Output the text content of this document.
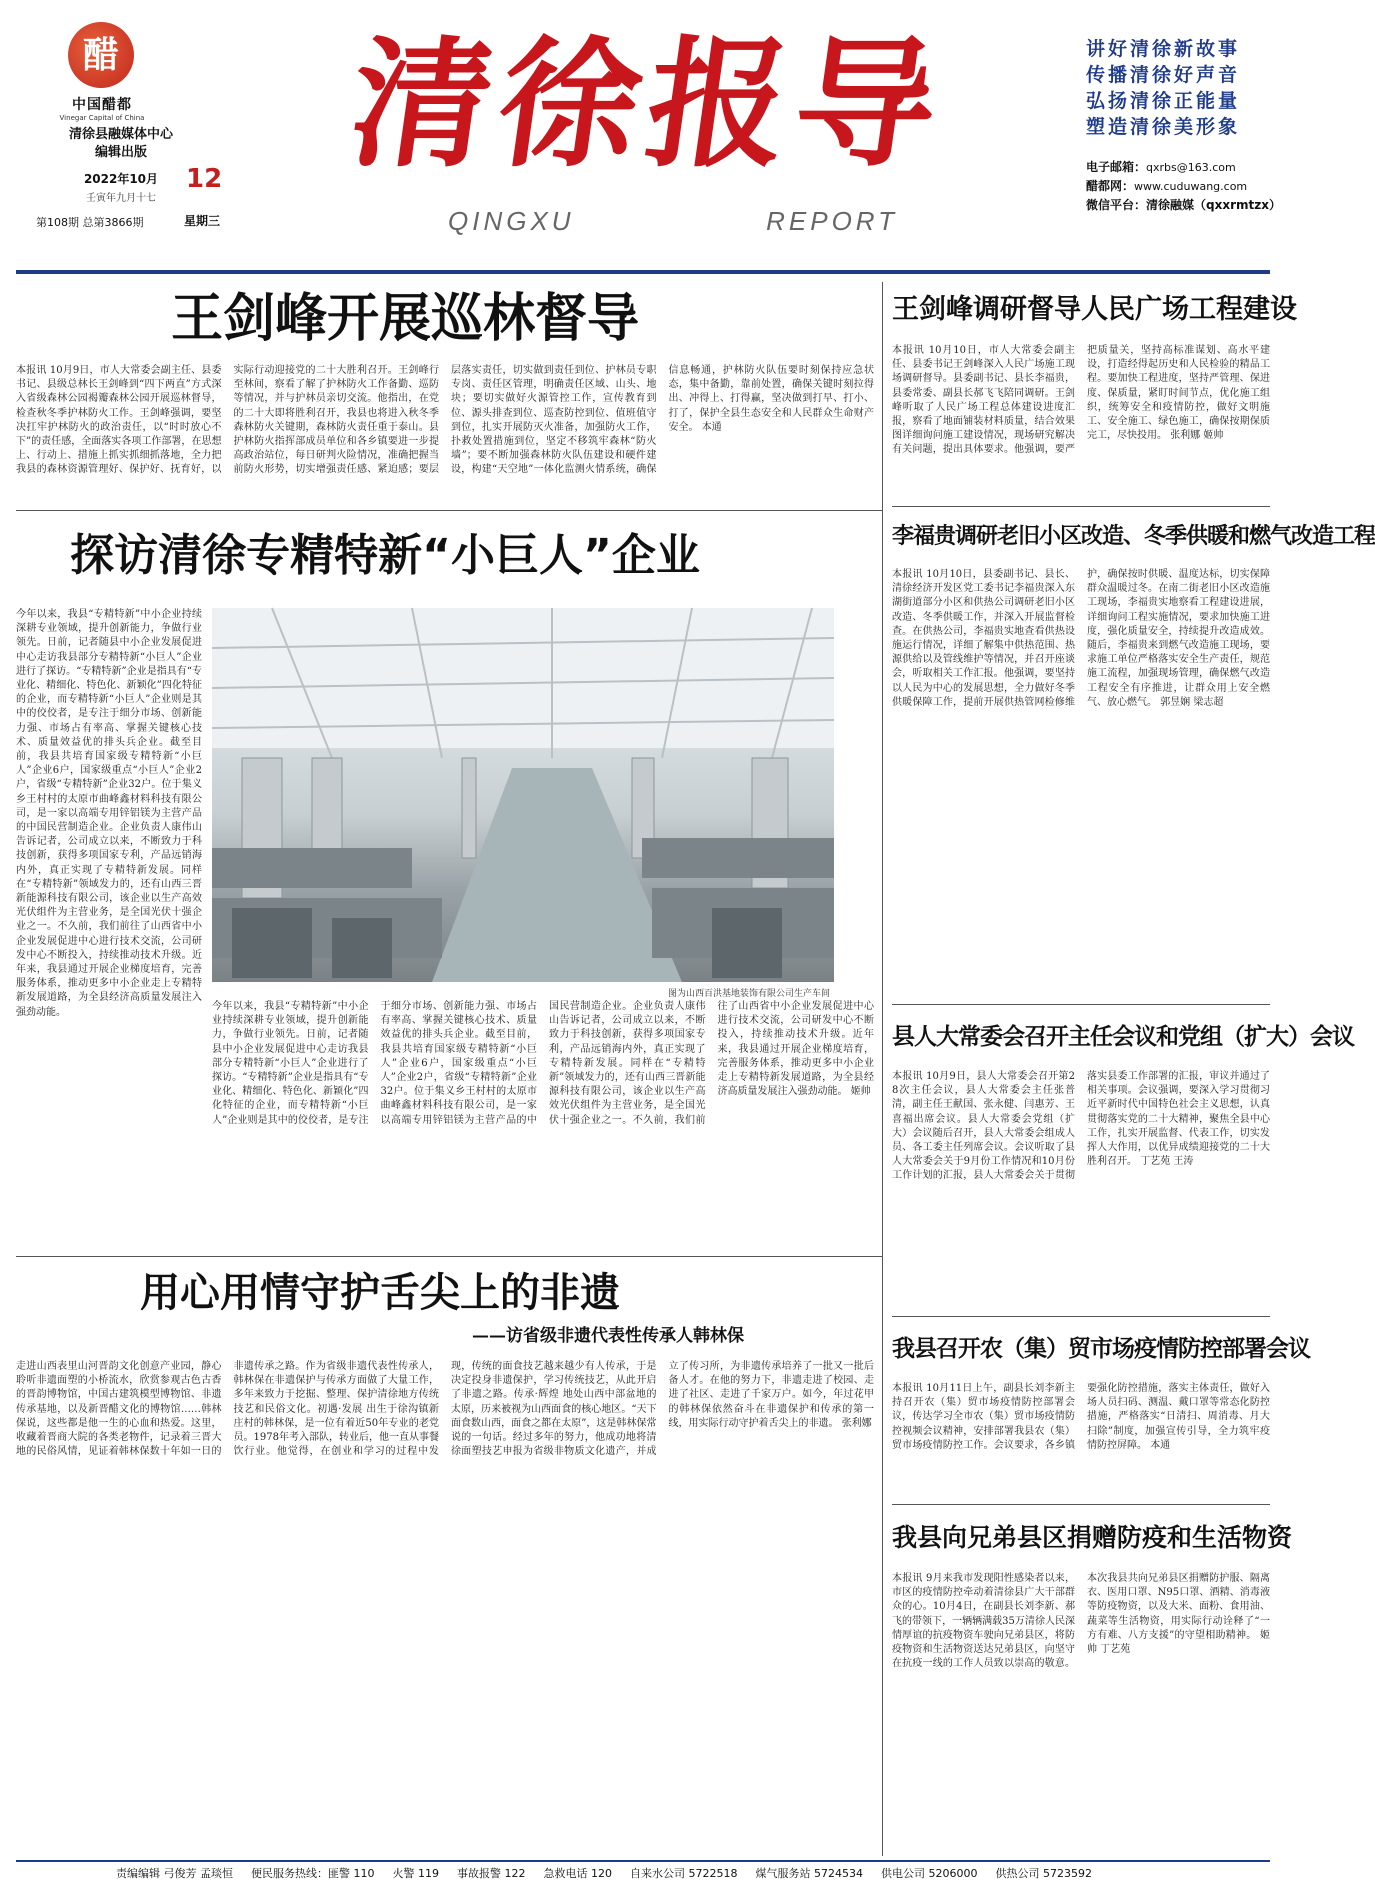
醋
中国醋都
Vinegar Capital of China
清徐县融媒体中心
编辑出版
2022年10月
壬寅年九月十七
第108期 总第3866期
12
星期三
清徐报导
QINGXU	REPORT
讲好清徐新故事
传播清徐好声音
弘扬清徐正能量
塑造清徐美形象
电子邮箱：qxrbs@163.com
醋都网：www.cuduwang.com
微信平台：清徐融媒（qxxrmtzx）
王剑峰开展巡林督导
本报讯 10月9日，市人大常委会副主任、县委书记、县级总林长王剑峰到“四下两直”方式深入省级森林公园褐瓣森林公园开展巡林督导，检查秋冬季护林防火工作。王剑峰强调，要坚决扛牢护林防火的政治责任，以“时时放心不下”的责任感，全面落实各项工作部署，在思想上、行动上、措施上抓实抓细抓落地，全力把我县的森林资源管理好、保护好、抚育好，以实际行动迎接党的二十大胜利召开。王剑峰行至林间，察看了解了护林防火工作备勤、巡防等情况，并与护林员亲切交流。他指出，在党的二十大即将胜利召开，我县也将进入秋冬季森林防火关键期，森林防火责任重于泰山。县护林防火指挥部成员单位和各乡镇要进一步提高政治站位，每日研判火险情况，准确把握当前防火形势，切实增强责任感、紧迫感；要层层落实责任，切实做到责任到位、护林员专职专岗、责任区管理，明确责任区域、山头、地块；要切实做好火源管控工作，宣传教育到位、源头排查到位、巡查防控到位、值班值守到位，扎实开展防灭火准备，加强防火工作，扑救处置措施到位，坚定不移筑牢森林“防火墙”；要不断加强森林防火队伍建设和硬件建设，构建“天空地”一体化监测火情系统，确保信息畅通，护林防火队伍要时刻保持应急状态，集中备勤，靠前处置，确保关键时刻拉得出、冲得上、打得赢，坚决做到打早、打小、打了，保护全县生态安全和人民群众生命财产安全。 本通
王剑峰调研督导人民广场工程建设
本报讯 10月10日，市人大常委会副主任、县委书记王剑峰深入人民广场施工现场调研督导。县委副书记、县长李福贵，县委常委、副县长郝飞飞陪同调研。王剑峰听取了人民广场工程总体建设进度汇报，察看了地面铺装材料质量，结合效果图详细询问施工建设情况，现场研究解决有关问题，提出具体要求。他强调，要严把质量关，坚持高标准谋划、高水平建设，打造经得起历史和人民检验的精品工程。要加快工程进度，坚持严管理、保进度、保质量，紧盯时间节点，优化施工组织，统筹安全和疫情防控，做好文明施工、安全施工、绿色施工，确保按期保质完工，尽快投用。 张利娜 姬帅
李福贵调研老旧小区改造、冬季供暖和燃气改造工程
本报讯 10月10日，县委副书记、县长、清徐经济开发区党工委书记李福贵深入东湖街道部分小区和供热公司调研老旧小区改造、冬季供暖工作，并深入开展监督检查。在供热公司，李福贵实地查看供热设施运行情况，详细了解集中供热范围、热源供给以及管线维护等情况，并召开座谈会，听取相关工作汇报。他强调，要坚持以人民为中心的发展思想，全力做好冬季供暖保障工作，提前开展供热管网检修维护，确保按时供暖、温度达标，切实保障群众温暖过冬。在南二街老旧小区改造施工现场，李福贵实地察看工程建设进展，详细询问工程实施情况，要求加快施工进度，强化质量安全，持续提升改造成效。随后，李福贵来到燃气改造施工现场，要求施工单位严格落实安全生产责任，规范施工流程，加强现场管理，确保燃气改造工程安全有序推进，让群众用上安全燃气、放心燃气。 郭昱娴 梁志超
探访清徐专精特新“小巨人”企业
今年以来，我县“专精特新”中小企业持续深耕专业领域，提升创新能力，争做行业领先。日前，记者随县中小企业发展促进中心走访我县部分专精特新“小巨人”企业进行了探访。“专精特新”企业是指具有“专业化、精细化、特色化、新颖化”四化特征的企业，而专精特新“小巨人”企业则是其中的佼佼者，是专注于细分市场、创新能力强、市场占有率高、掌握关键核心技术、质量效益优的排头兵企业。截至目前，我县共培育国家级专精特新“小巨人”企业6户，国家级重点“小巨人”企业2户，省级“专精特新”企业32户。位于集义乡王村村的太原市曲峰鑫材料科技有限公司，是一家以高端专用锌铝镁为主营产品的中国民营制造企业。企业负责人康伟山告诉记者，公司成立以来，不断致力于科技创新，获得多项国家专利，产品远销海内外，真正实现了专精特新发展。同样在“专精特新”领域发力的，还有山西三晋新能源科技有限公司，该企业以生产高效光伏组件为主营业务，是全国光伏十强企业之一。不久前，我们前往了山西省中小企业发展促进中心进行技术交流，公司研发中心不断投入，持续推动技术升级。近年来，我县通过开展企业梯度培育，完善服务体系，推动更多中小企业走上专精特新发展道路，为全县经济高质量发展注入强劲动能。
图为山西百洪基地装饰有限公司生产车间
今年以来，我县“专精特新”中小企业持续深耕专业领域，提升创新能力，争做行业领先。日前，记者随县中小企业发展促进中心走访我县部分专精特新“小巨人”企业进行了探访。“专精特新”企业是指具有“专业化、精细化、特色化、新颖化”四化特征的企业，而专精特新“小巨人”企业则是其中的佼佼者，是专注于细分市场、创新能力强、市场占有率高、掌握关键核心技术、质量效益优的排头兵企业。截至目前，我县共培育国家级专精特新“小巨人”企业6户，国家级重点“小巨人”企业2户，省级“专精特新”企业32户。位于集义乡王村村的太原市曲峰鑫材料科技有限公司，是一家以高端专用锌铝镁为主营产品的中国民营制造企业。企业负责人康伟山告诉记者，公司成立以来，不断致力于科技创新，获得多项国家专利，产品远销海内外，真正实现了专精特新发展。同样在“专精特新”领域发力的，还有山西三晋新能源科技有限公司，该企业以生产高效光伏组件为主营业务，是全国光伏十强企业之一。不久前，我们前往了山西省中小企业发展促进中心进行技术交流，公司研发中心不断投入，持续推动技术升级。近年来，我县通过开展企业梯度培育，完善服务体系，推动更多中小企业走上专精特新发展道路，为全县经济高质量发展注入强劲动能。 姬帅
县人大常委会召开主任会议和党组（扩大）会议
本报讯 10月9日，县人大常委会召开第28次主任会议，县人大常委会主任张普清，副主任王献国、张永健、闫惠芳、王喜福出席会议。县人大常委会党组（扩大）会议随后召开，县人大常委会组成人员、各工委主任列席会议。会议听取了县人大常委会关于9月份工作情况和10月份工作计划的汇报，县人大常委会关于贯彻落实县委工作部署的汇报，审议并通过了相关事项。会议强调，要深入学习贯彻习近平新时代中国特色社会主义思想，认真贯彻落实党的二十大精神，聚焦全县中心工作，扎实开展监督、代表工作，切实发挥人大作用，以优异成绩迎接党的二十大胜利召开。 丁艺苑 王涛
用心用情守护舌尖上的非遗
——访省级非遗代表性传承人韩林保
走进山西表里山河晋韵文化创意产业园，静心聆听非遗面塑的小桥流水，欣赏参观古色古香的晋韵博物馆，中国古建筑模型博物馆、非遗传承基地，以及新晋醋文化的博物馆……韩林保说，这些都是他一生的心血和热爱。这里，收藏着晋商大院的各类老物件，记录着三晋大地的民俗风情，见证着韩林保数十年如一日的非遗传承之路。作为省级非遗代表性传承人，韩林保在非遗保护与传承方面做了大量工作，多年来致力于挖掘、整理、保护清徐地方传统技艺和民俗文化。初遇·发展 出生于徐沟镇新庄村的韩林保，是一位有着近50年专业的老党员。1978年考入部队，转业后，他一直从事餐饮行业。他觉得，在创业和学习的过程中发现，传统的面食技艺越来越少有人传承，于是决定投身非遗保护，学习传统技艺，从此开启了非遗之路。传承·辉煌 地处山西中部盆地的太原，历来被视为山西面食的核心地区。“天下面食数山西，面食之都在太原”，这是韩林保常说的一句话。经过多年的努力，他成功地将清徐面塑技艺申报为省级非物质文化遗产，并成立了传习所，为非遗传承培养了一批又一批后备人才。在他的努力下，非遗走进了校园、走进了社区、走进了千家万户。如今，年过花甲的韩林保依然奋斗在非遗保护和传承的第一线，用实际行动守护着舌尖上的非遗。 张利娜
我县召开农（集）贸市场疫情防控部署会议
本报讯 10月11日上午，副县长刘李新主持召开农（集）贸市场疫情防控部署会议，传达学习全市农（集）贸市场疫情防控视频会议精神，安排部署我县农（集）贸市场疫情防控工作。会议要求，各乡镇要强化防控措施，落实主体责任，做好入场人员扫码、测温、戴口罩等常态化防控措施，严格落实“日清扫、周消毒、月大扫除”制度，加强宣传引导，全力筑牢疫情防控屏障。 本通
我县向兄弟县区捐赠防疫和生活物资
本报讯 9月来我市发现阳性感染者以来，市区的疫情防控牵动着清徐县广大干部群众的心。10月4日，在副县长刘李新、郝飞的带领下，一辆辆满载35万清徐人民深情厚谊的抗疫物资车驶向兄弟县区，将防疫物资和生活物资送达兄弟县区，向坚守在抗疫一线的工作人员致以崇高的敬意。本次我县共向兄弟县区捐赠防护服、隔离衣、医用口罩、N95口罩、酒精、消毒液等防疫物资，以及大米、面粉、食用油、蔬菜等生活物资，用实际行动诠释了“一方有难、八方支援”的守望相助精神。 姬帅 丁艺苑
责编编辑 弓俊芳 孟琰恒 便民服务热线：匪警 110 火警 119 事故报警 122 急救电话 120 自来水公司 5722518 煤气服务站 5724534 供电公司 5206000 供热公司 5723592
